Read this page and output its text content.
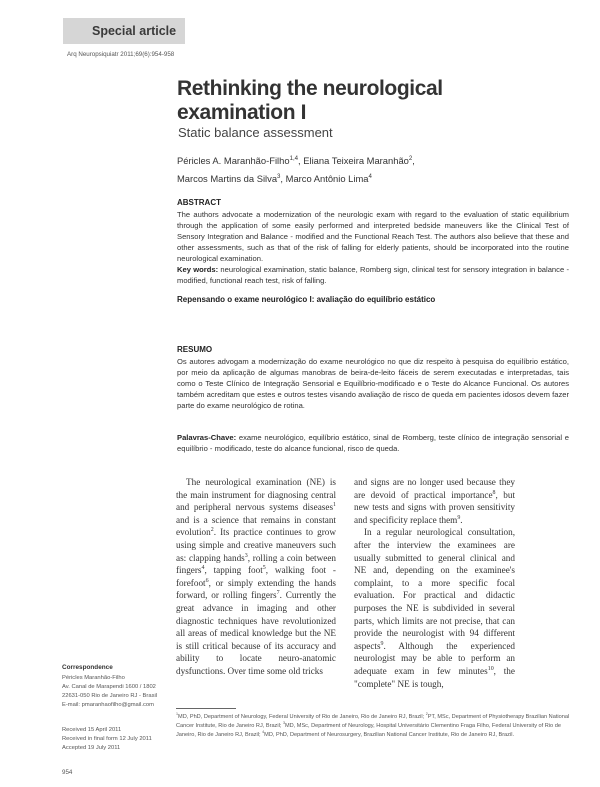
Special article
Arq Neuropsiquiatr 2011;69(6):954-958
Rethinking the neurological
examination I
Static balance assessment
Péricles A. Maranhão-Filho$^{1,4}$, Eliana Teixeira Maranhão$^2$,
Marcos Martins da Silva$^3$, Marco Antônio Lima$^4$
ABSTRACT
The authors advocate a modernization of the neurologic exam with regard to the evaluation of static equilibrium through the application of some easily performed and interpreted bedside maneuvers like the Clinical Test of Sensory Integration and Balance - modified and the Functional Reach Test. The authors also believe that these and other assessments, such as that of the risk of falling for elderly patients, should be incorporated into the routine neurological examination.
Key words: neurological examination, static balance, Romberg sign, clinical test for sensory integration in balance - modified, functional reach test, risk of falling.
Repensando o exame neurológico I: avaliação do equilíbrio estático
RESUMO
Os autores advogam a modernização do exame neurológico no que diz respeito à pesquisa do equilíbrio estático, por meio da aplicação de algumas manobras de beira-de-leito fáceis de serem executadas e interpretadas, tais como o Teste Clínico de Integração Sensorial e Equilíbrio-modificado e o Teste do Alcance Funcional. Os autores também acreditam que estes e outros testes visando avaliação de risco de queda em pacientes idosos devem fazer parte do exame neurológico de rotina.
Palavras-Chave: exame neurológico, equilíbrio estático, sinal de Romberg, teste clínico de integração sensorial e equilíbrio - modificado, teste do alcance funcional, risco de queda.
The neurological examination (NE) is the main instrument for diagnosing central and peripheral nervous systems diseases$^1$ and is a science that remains in constant evolution$^2$. Its practice continues to grow using simple and creative maneuvers such as: clapping hands$^3$, rolling a coin between fingers$^4$, tapping foot$^5$, walking foot - forefoot$^6$, or simply extending the hands forward, or rolling fingers$^7$. Currently the great advance in imaging and other diagnostic techniques have revolutionized all areas of medical knowledge but the NE is still critical because of its accuracy and ability to locate neuro-anatomic dysfunctions. Over time some old tricks

and signs are no longer used because they are devoid of practical importance$^8$, but new tests and signs with proven sensitivity and specificity replace them$^9$.

In a regular neurological consultation, after the interview the examinees are usually submitted to general clinical and NE and, depending on the examinee's complaint, to a more specific focal evaluation. For practical and didactic purposes the NE is subdivided in several parts, which limits are not precise, that can provide the neurologist with 94 different aspects$^9$. Although the experienced neurologist may be able to perform an adequate exam in few minutes$^{10}$, the "complete" NE is tough,

Correspondence
Péricles Maranhão-Filho
Av. Canal de Marapendi 1600 / 1802
22631-050 Rio de Janeiro RJ - Brasil
E-mail: pmaranhaofilho@gmail.com
Received 15 April 2011
Received in final form 12 July 2011
Accepted 19 July 2011
$^1$MD, PhD, Department of Neurology, Federal University of Rio de Janeiro, Rio de Janeiro RJ, Brazil; $^2$PT, MSc, Department of Physiotherapy Brazilian National Cancer Institute, Rio de Janeiro RJ, Brazil; $^3$MD, MSc, Department of Neurology, Hospital Universitário Clementino Fraga Filho, Federal University of Rio de Janeiro, Rio de Janeiro RJ, Brazil; $^4$MD, PhD, Department of Neurosurgery, Brazilian National Cancer Institute, Rio de Janeiro RJ, Brazil.
954
